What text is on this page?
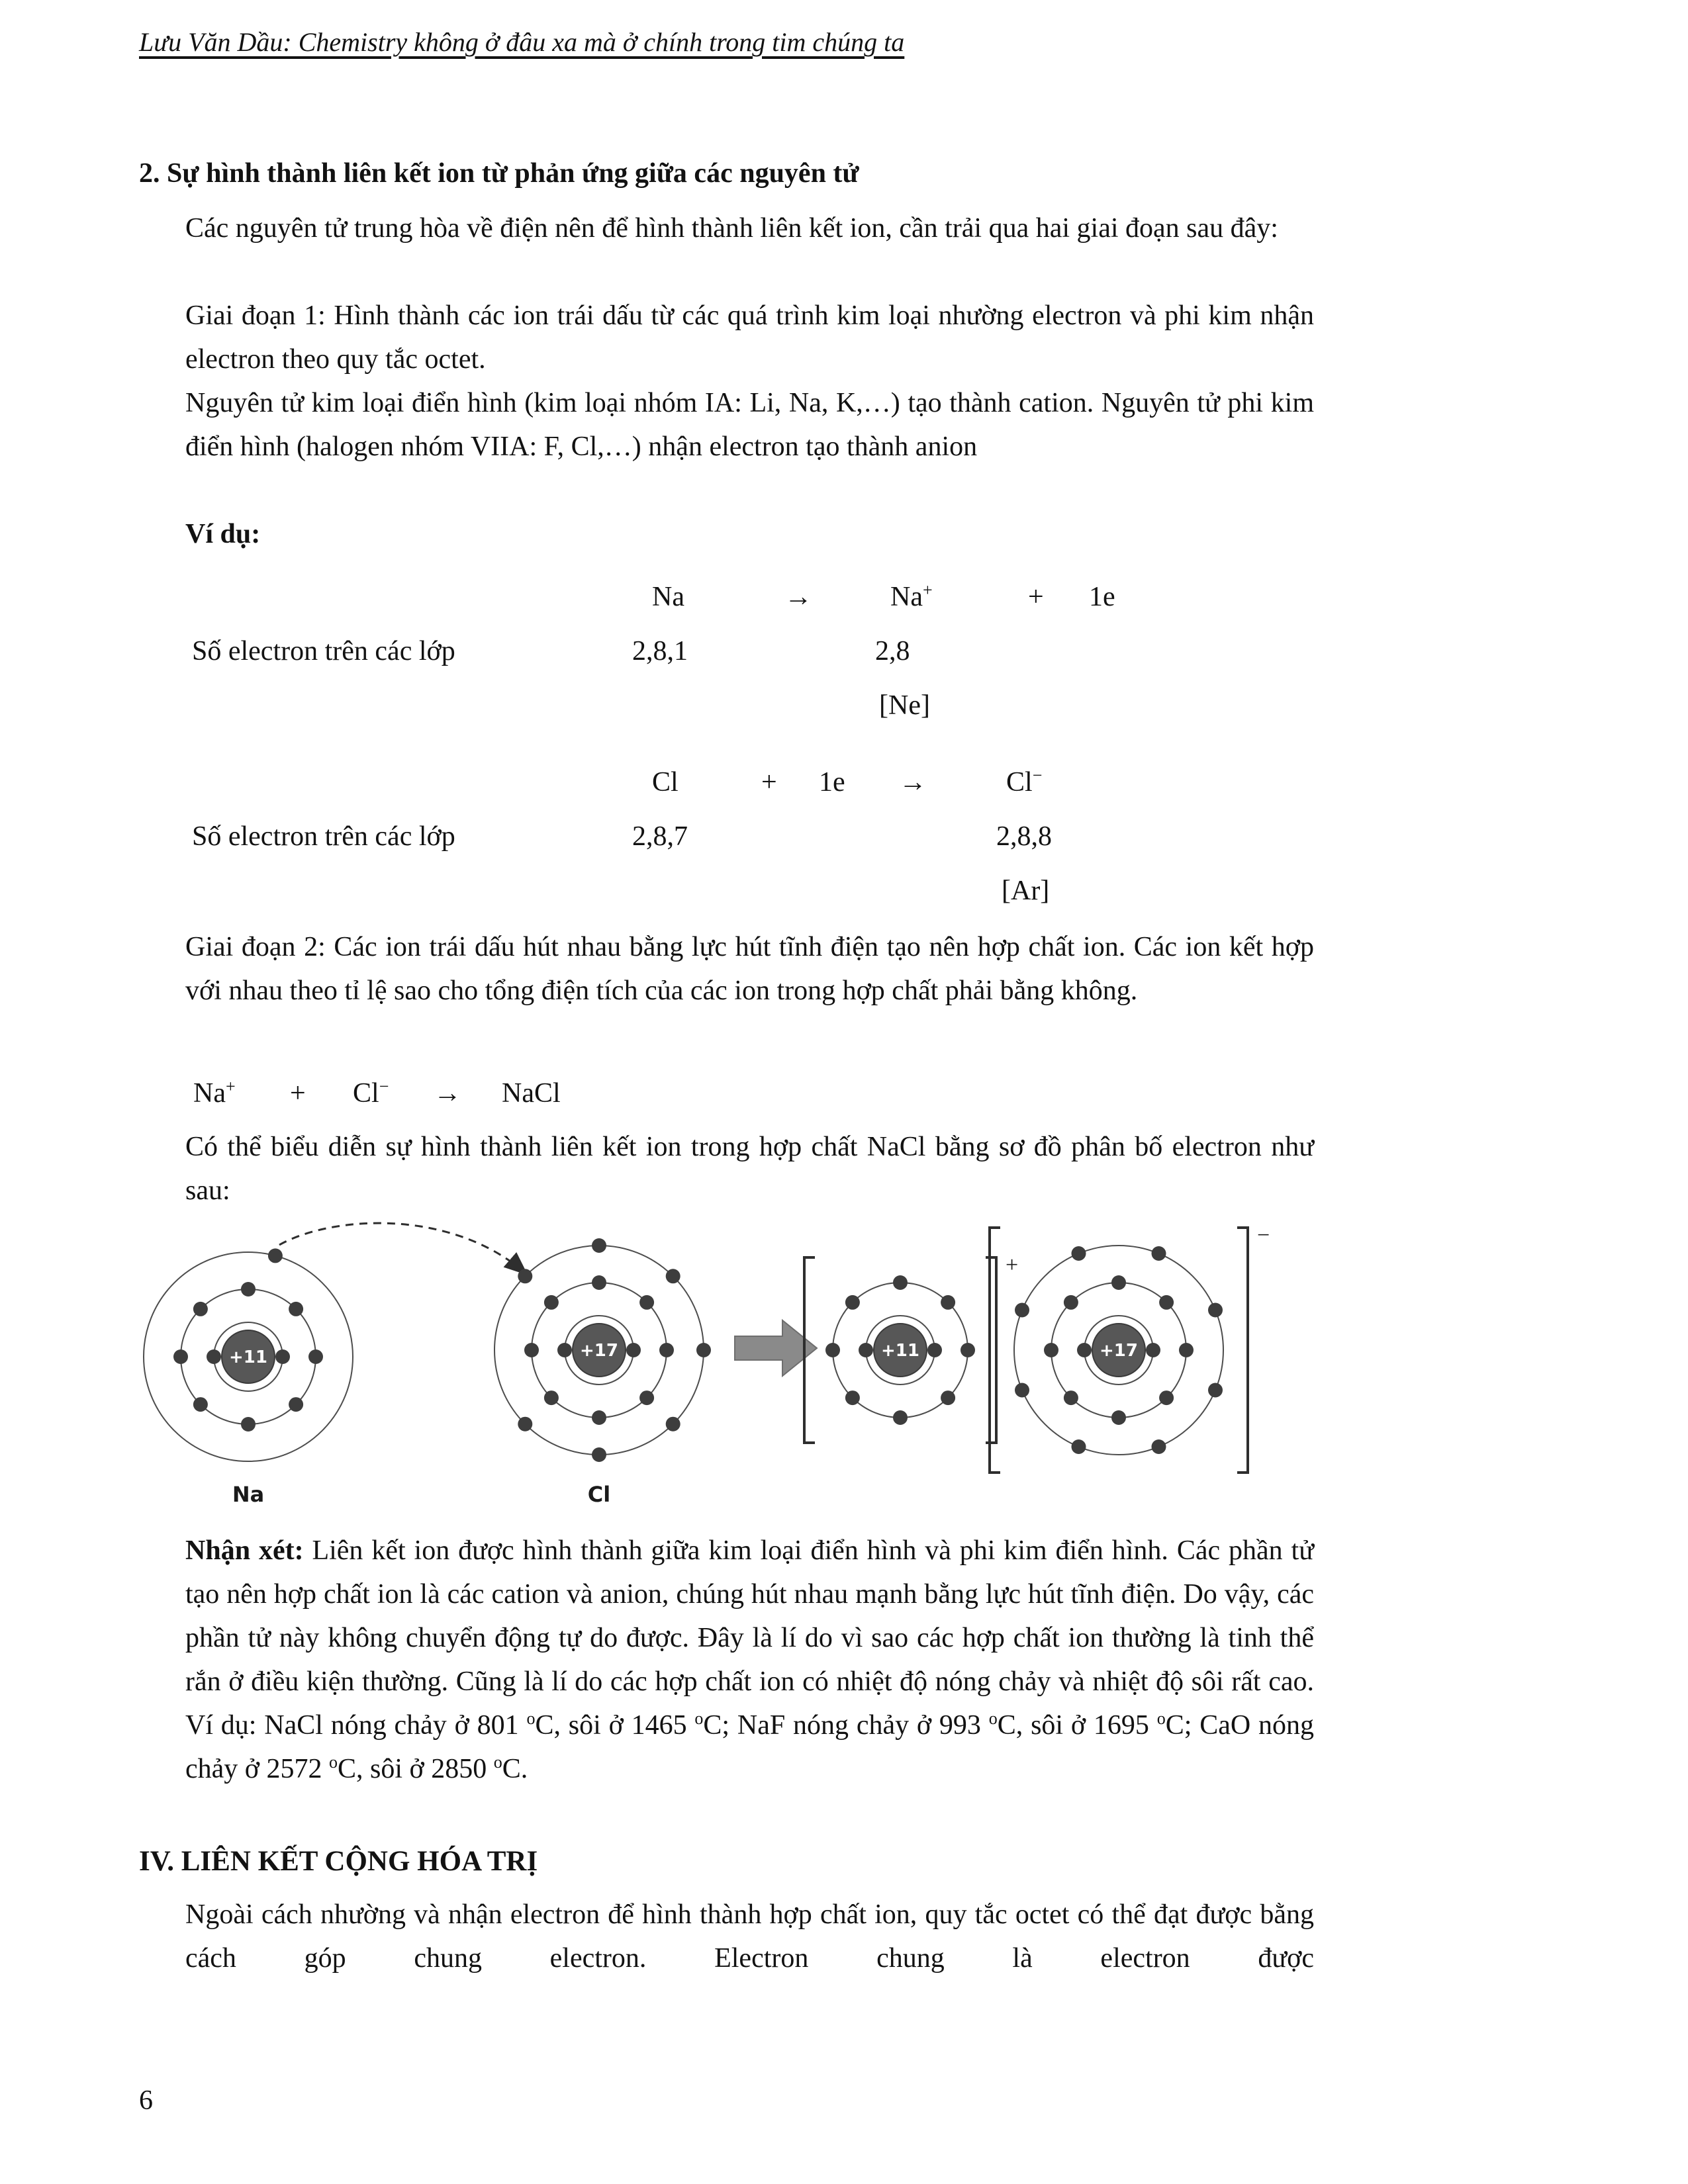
Lưu Văn Dầu: Chemistry không ở đâu xa mà ở chính trong tim chúng ta
2. Sự hình thành liên kết ion từ phản ứng giữa các nguyên tử

Các nguyên tử trung hòa về điện nên để hình thành liên kết ion, cần trải qua hai giai đoạn sau đây:

Giai đoạn 1: Hình thành các ion trái dấu từ các quá trình kim loại nhường electron và phi kim nhận electron theo quy tắc octet.

Nguyên tử kim loại điển hình (kim loại nhóm IA: Li, Na, K,…) tạo thành cation. Nguyên tử phi kim điển hình (halogen nhóm VIIA: F, Cl,…) nhận electron tạo thành anion

Ví dụ:

Na	→	Na+	+ 1e
Số electron trên các lớp	2,8,1	2,8
[Ne]
Cl	+ 1e →	Cl−
Số electron trên các lớp	2,8,7	2,8,8
[Ar]

Giai đoạn 2: Các ion trái dấu hút nhau bằng lực hút tĩnh điện tạo nên hợp chất ion. Các ion kết hợp với nhau theo tỉ lệ sao cho tổng điện tích của các ion trong hợp chất phải bằng không.

Na+ + Cl− → NaCl

Có thể biểu diễn sự hình thành liên kết ion trong hợp chất NaCl bằng sơ đồ phân bố electron như sau:

+11
Na
+17
Cl
+11
+
+17
−

Nhận xét: Liên kết ion được hình thành giữa kim loại điển hình và phi kim điển hình. Các phần tử tạo nên hợp chất ion là các cation và anion, chúng hút nhau mạnh bằng lực hút tĩnh điện. Do vậy, các phần tử này không chuyển động tự do được. Đây là lí do vì sao các hợp chất ion thường là tinh thể rắn ở điều kiện thường. Cũng là lí do các hợp chất ion có nhiệt độ nóng chảy và nhiệt độ sôi rất cao. Ví dụ: NaCl nóng chảy ở 801 $^o$C, sôi ở 1465 $^o$C; NaF nóng chảy ở 993 $^o$C, sôi ở 1695 $^o$C; CaO nóng chảy ở 2572 $^o$C, sôi ở 2850 $^o$C.

IV. LIÊN KẾT CỘNG HÓA TRỊ

Ngoài cách nhường và nhận electron để hình thành hợp chất ion, quy tắc octet có thể đạt được bằng cách góp chung electron. Electron chung là electron được

6
